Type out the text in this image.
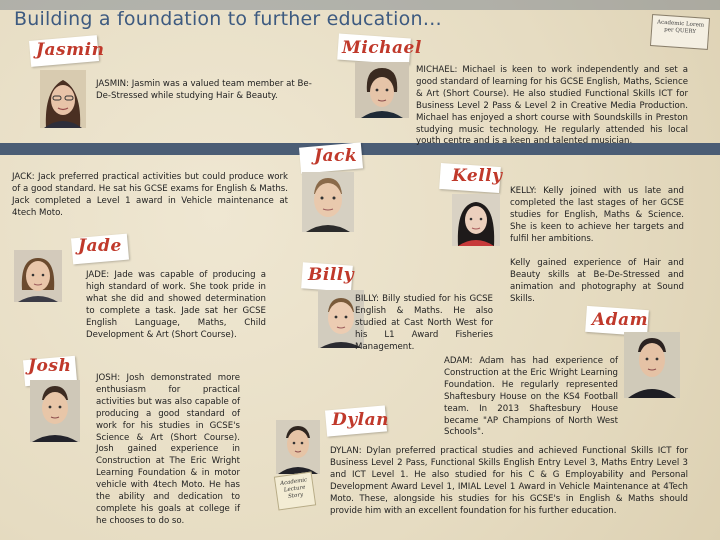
Building a foundation to further education…	Academic Lorem per QUERY
Jasmin
JASMIN: Jasmin was a valued team member at Be-De-Stressed while studying Hair & Beauty.
Michael
MICHAEL: Michael is keen to work independently and set a good standard of learning for his GCSE English, Maths, Science & Art (Short Course). He also studied Functional Skills ICT for Business Level 2 Pass & Level 2 in Creative Media Production. Michael has enjoyed a short course with Soundskills in Preston studying music technology. He regularly attended his local youth centre and is a keen and talented musician.
Jack
JACK: Jack preferred practical activities but could produce work of a good standard. He sat his GCSE exams for English & Maths. Jack completed a Level 1 award in Vehicle maintenance at 4tech Moto.
Kelly
KELLY: Kelly joined with us late and completed the last stages of her GCSE studies for English, Maths & Science. She is keen to achieve her targets and fulfil her ambitions.
Kelly gained experience of Hair and Beauty skills at Be-De-Stressed and animation and photography at Sound Skills.
Jade
JADE: Jade was capable of producing a high standard of work. She took pride in what she did and showed determination to complete a task. Jade sat her GCSE English Language, Maths, Child Development & Art (Short Course).
Billy
BILLY: Billy studied for his GCSE English & Maths. He also studied at Cast North West for his L1 Award Fisheries Management.
Adam
ADAM: Adam has had experience of Construction at the Eric Wright Learning Foundation. He regularly represented Shaftesbury House on the KS4 Football team. In 2013 Shaftesbury House became "AP Champions of North West Schools".
Josh
JOSH: Josh demonstrated more enthusiasm for practical activities but was also capable of producing a good standard of work for his studies in GCSE's Science & Art (Short Course). Josh gained experience in Construction at The Eric Wright Learning Foundation & in motor vehicle with 4tech Moto. He has the ability and dedication to complete his goals at college if he chooses to do so.
Dylan
Academic Lecture Story
DYLAN: Dylan preferred practical studies and achieved Functional Skills ICT for Business Level 2 Pass, Functional Skills English Entry Level 3, Maths Entry Level 3 and ICT Level 1. He also studied for his C & G Employability and Personal Development Award Level 1, IMIAL Level 1 Award in Vehicle Maintenance at 4Tech Moto. These, alongside his studies for his GCSE's in English & Maths should provide him with an excellent foundation for his further education.
